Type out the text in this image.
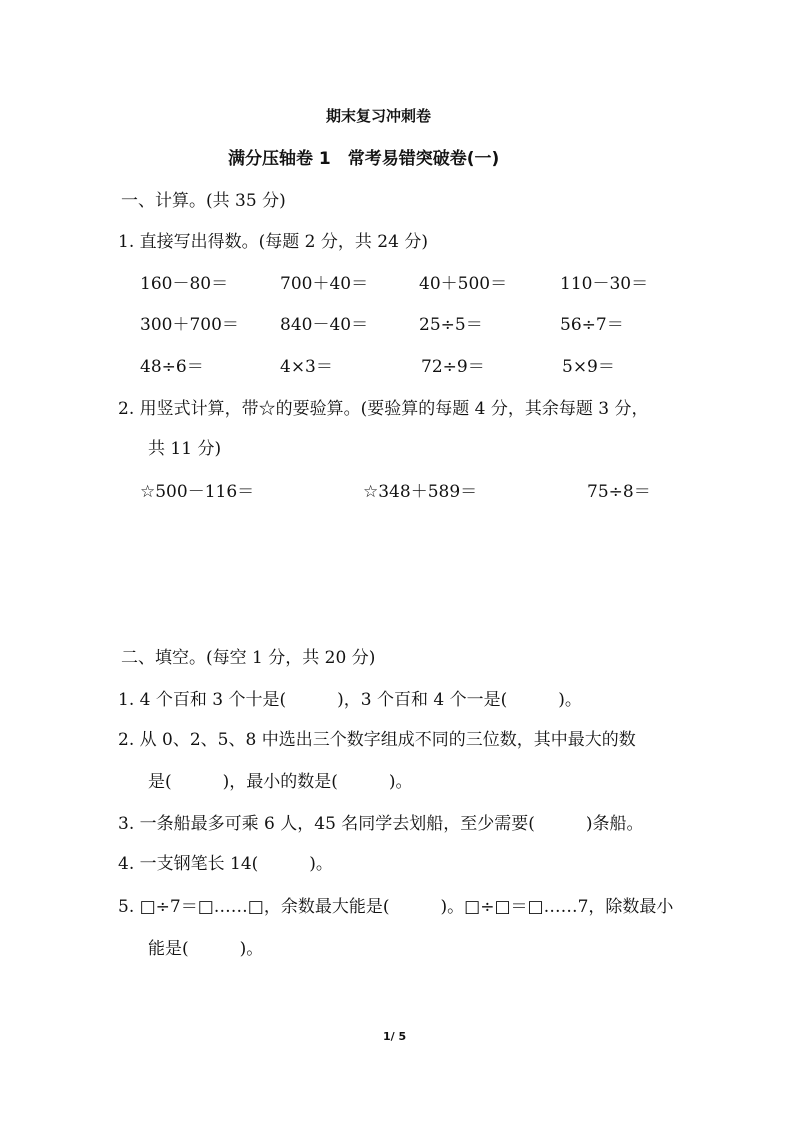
期末复习冲刺卷
满分压轴卷 1　常考易错突破卷(一)
一、计算。(共 35 分)
1. 直接写出得数。(每题 2 分，共 24 分)
160－80＝	700＋40＝	40＋500＝	110－30＝
300＋700＝ 840－40＝	25÷5＝	56÷7＝
48÷6＝	4×3＝	72÷9＝	5×9＝
2. 用竖式计算，带☆的要验算。(要验算的每题 4 分，其余每题 3 分，
共 11 分)
☆500－116＝	☆348＋589＝	75÷8＝
二、填空。(每空 1 分，共 20 分)
1. 4 个百和 3 个十是(　　　)，3 个百和 4 个一是(　　　)。
2. 从 0、2、5、8 中选出三个数字组成不同的三位数，其中最大的数
是(　　　)，最小的数是(　　　)。
3. 一条船最多可乘 6 人，45 名同学去划船，至少需要(　　　)条船。
4. 一支钢笔长 14(　　　)。
5. □÷7＝□……□，余数最大能是(　　　)。□÷□＝□……7，除数最小
能是(　　　)。
1/ 5
